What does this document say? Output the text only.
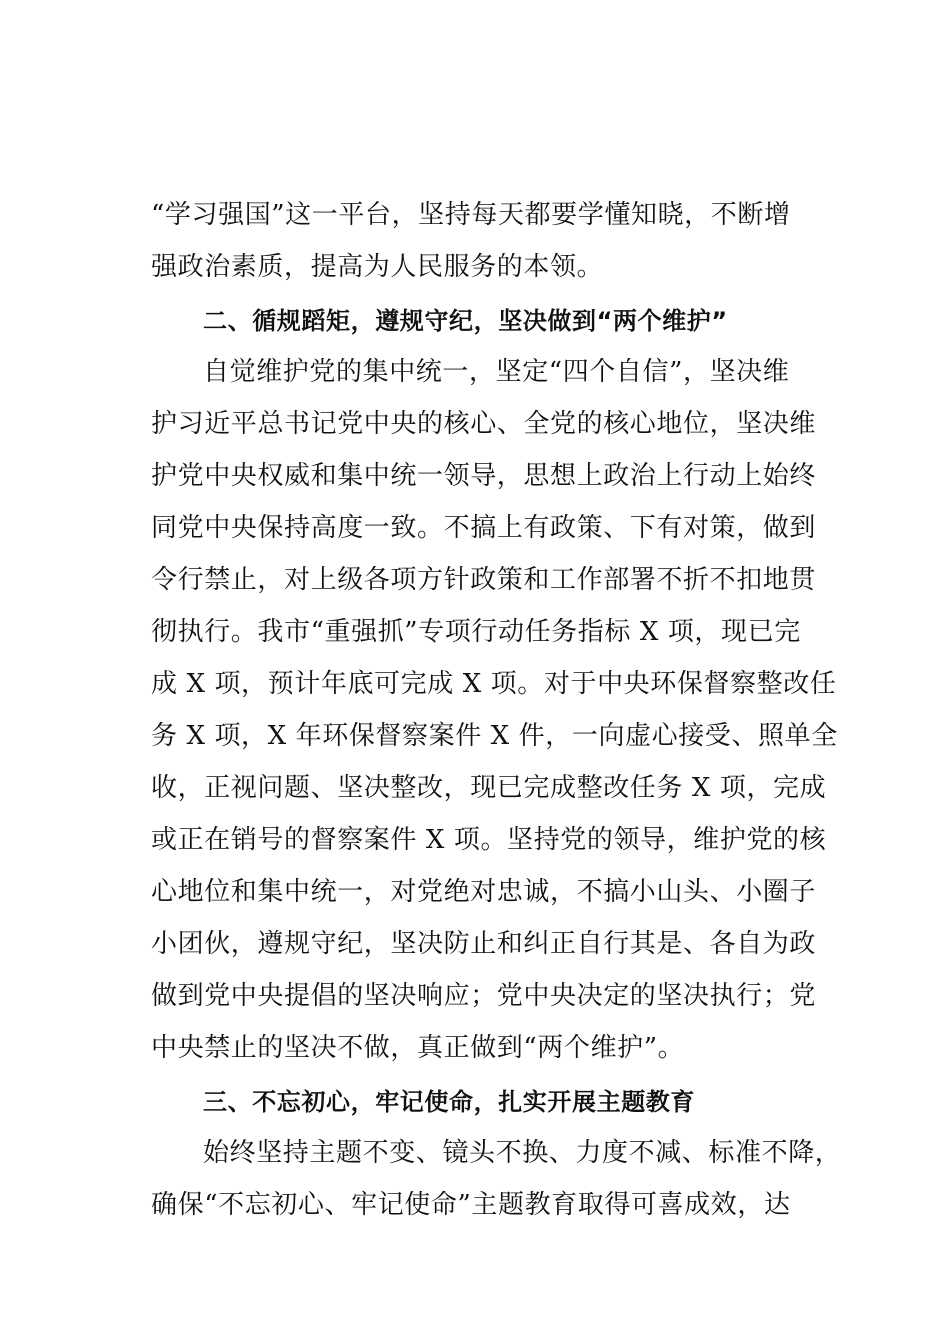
“学习强国”这一平台，坚持每天都要学懂知晓，不断增
强政治素质，提高为人民服务的本领。
二、循规蹈矩，遵规守纪，坚决做到“两个维护”
自觉维护党的集中统一，坚定“四个自信”，坚决维
护习近平总书记党中央的核心、全党的核心地位，坚决维
护党中央权威和集中统一领导，思想上政治上行动上始终
同党中央保持高度一致。不搞上有政策、下有对策，做到
令行禁止，对上级各项方针政策和工作部署不折不扣地贯
彻执行。我市“重强抓”专项行动任务指标 X 项，现已完
成 X 项，预计年底可完成 X 项。对于中央环保督察整改任
务 X 项，X 年环保督察案件 X 件，一向虚心接受、照单全
收，正视问题、坚决整改，现已完成整改任务 X 项，完成
或正在销号的督察案件 X 项。坚持党的领导，维护党的核
心地位和集中统一，对党绝对忠诚，不搞小山头、小圈子
小团伙，遵规守纪，坚决防止和纠正自行其是、各自为政
做到党中央提倡的坚决响应；党中央决定的坚决执行；党
中央禁止的坚决不做，真正做到“两个维护”。
三、不忘初心，牢记使命，扎实开展主题教育
始终坚持主题不变、镜头不换、力度不减、标准不降，
确保“不忘初心、牢记使命”主题教育取得可喜成效，达
